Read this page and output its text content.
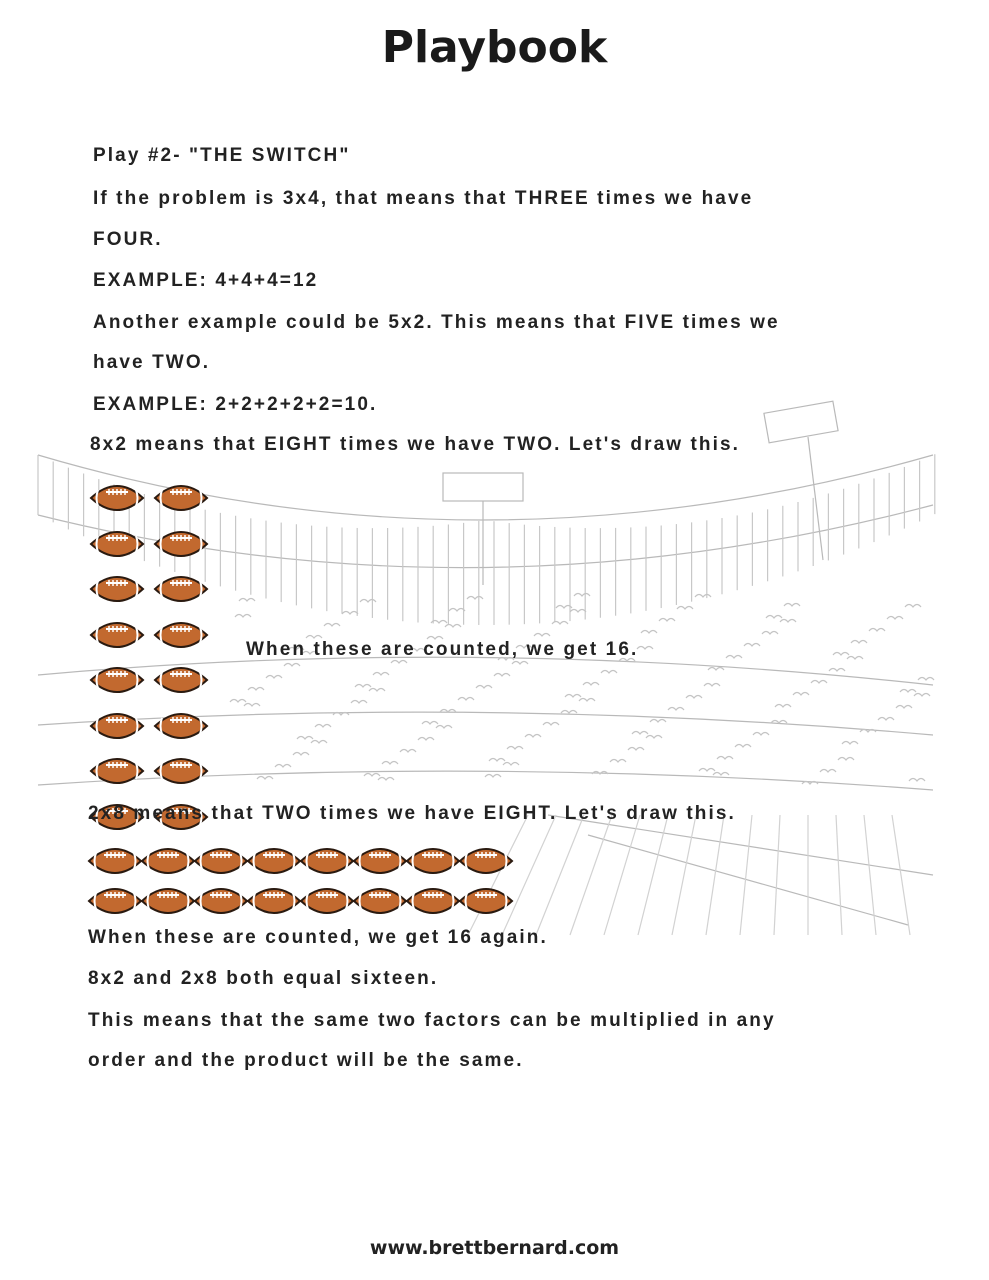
Playbook
Play #2- "THE SWITCH"
If the problem is 3x4, that means that THREE times we have
FOUR.
EXAMPLE: 4+4+4=12
Another example could be 5x2. This means that FIVE times we
have TWO.
EXAMPLE: 2+2+2+2+2=10.
8x2 means that EIGHT times we have TWO. Let's draw this.
When these are counted, we get 16.
2x8 means that TWO times we have EIGHT. Let's draw this.
When these are counted, we get 16 again.
8x2 and 2x8 both equal sixteen.
This means that the same two factors can be multiplied in any
order and the product will be the same.
www.brettbernard.com
